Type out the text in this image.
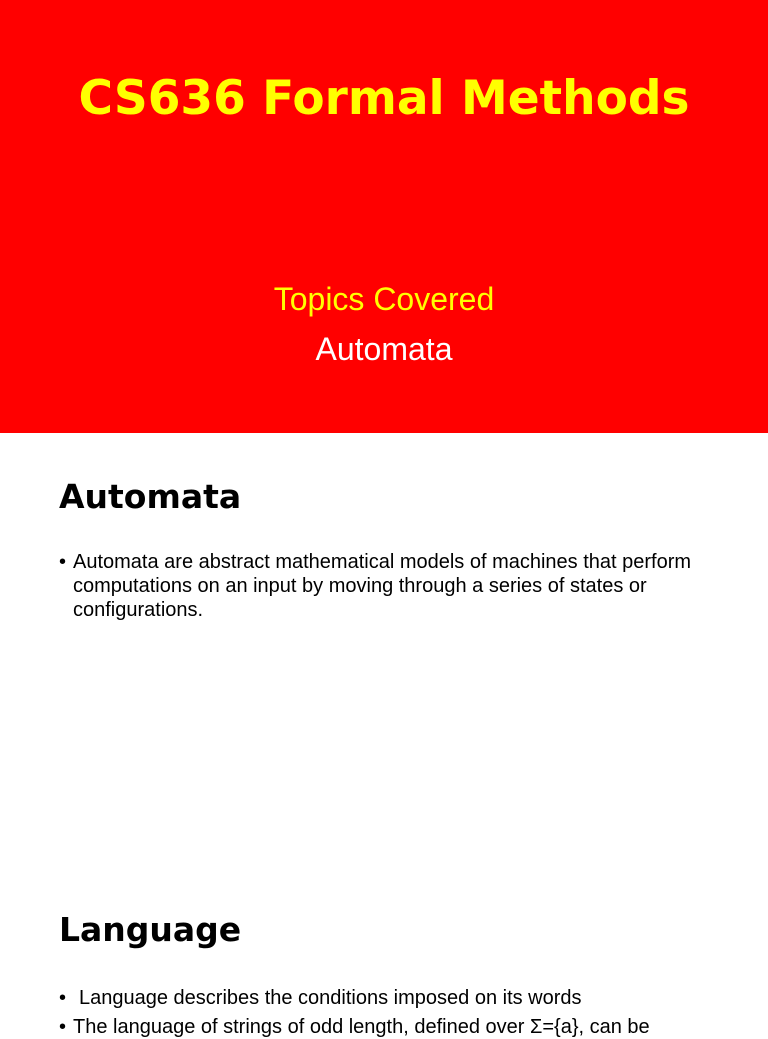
CS636 Formal Methods
Topics Covered
Automata
Automata
• Automata are abstract mathematical models of machines that perform computations on an input by moving through a series of states or configurations.
Language
• Language describes the conditions imposed on its words
• The language of strings of odd length, defined over Σ={a}, can be
